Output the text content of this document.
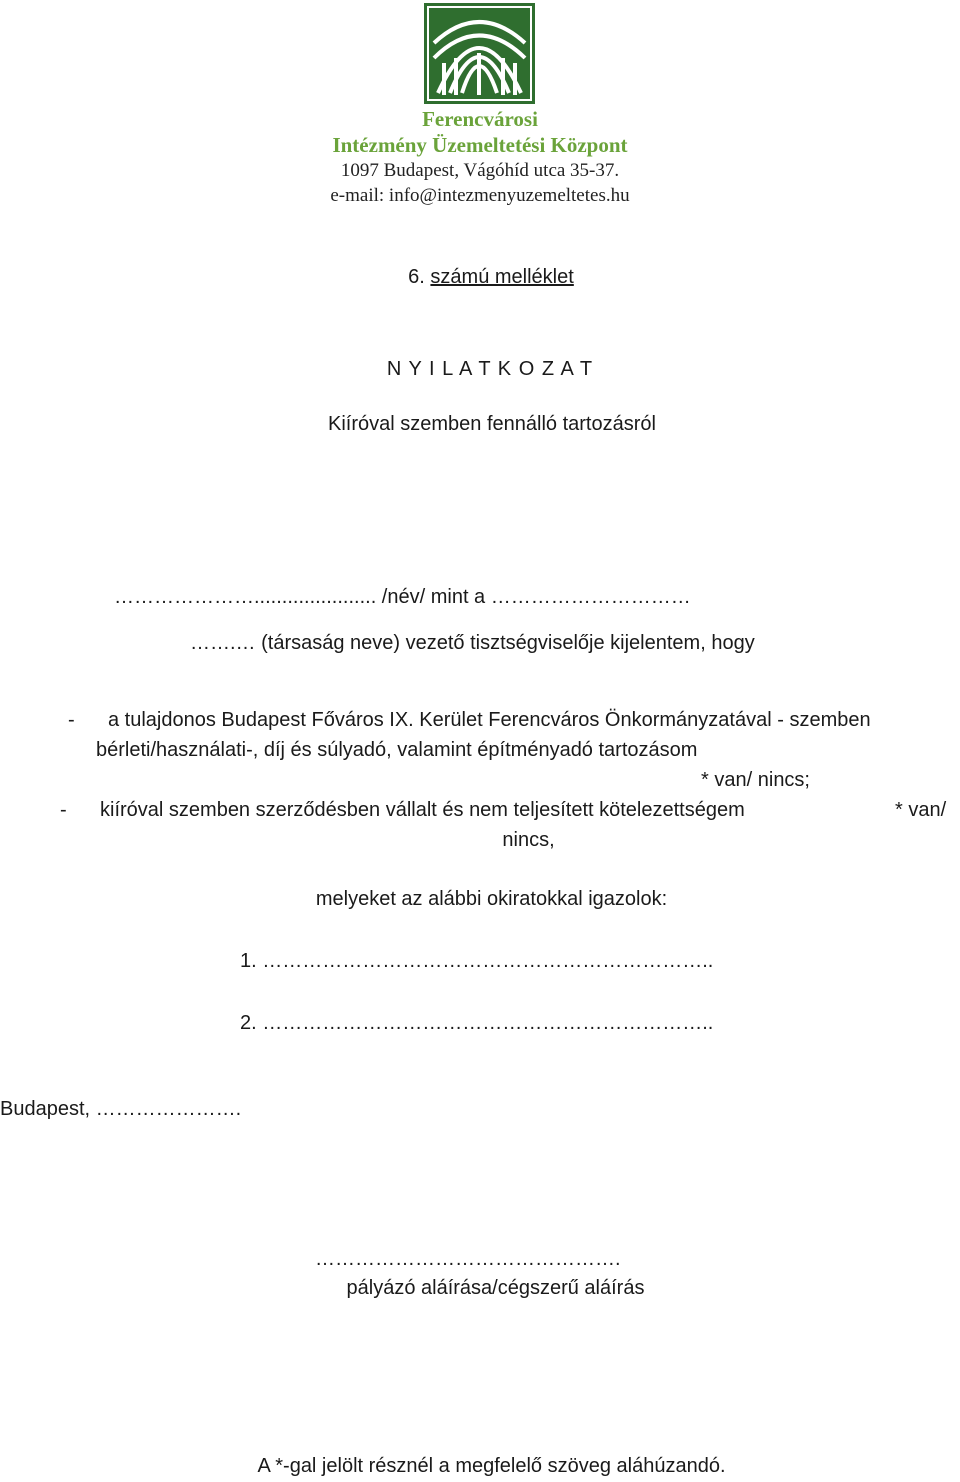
Ferencvárosi
Intézmény Üzemeltetési Központ
1097 Budapest, Vágóhíd utca 35-37.
e-mail: info@intezmenyuzemeltetes.hu
6. számú melléklet
N Y I L A T K O Z A T
Kiíróval szemben fennálló tartozásról
…………………...................... /név/ mint a …………………………
…….… (társaság neve) vezető tisztségviselője kijelentem, hogy
- a tulajdonos Budapest Főváros IX. Kerület Ferencváros Önkormányzatával - szemben
bérleti/használati-, díj és súlyadó, valamint építményadó tartozásom
* van/ nincs;
- kiíróval szemben szerződésben vállalt és nem teljesített kötelezettségem	* van/
nincs,
melyeket az alábbi okiratokkal igazolok:
1. …………………………………………………………..
2. …………………………………………………………..
Budapest, ………………….
……………………………………….
pályázó aláírása/cégszerű aláírás
A *-gal jelölt résznél a megfelelő szöveg aláhúzandó.
